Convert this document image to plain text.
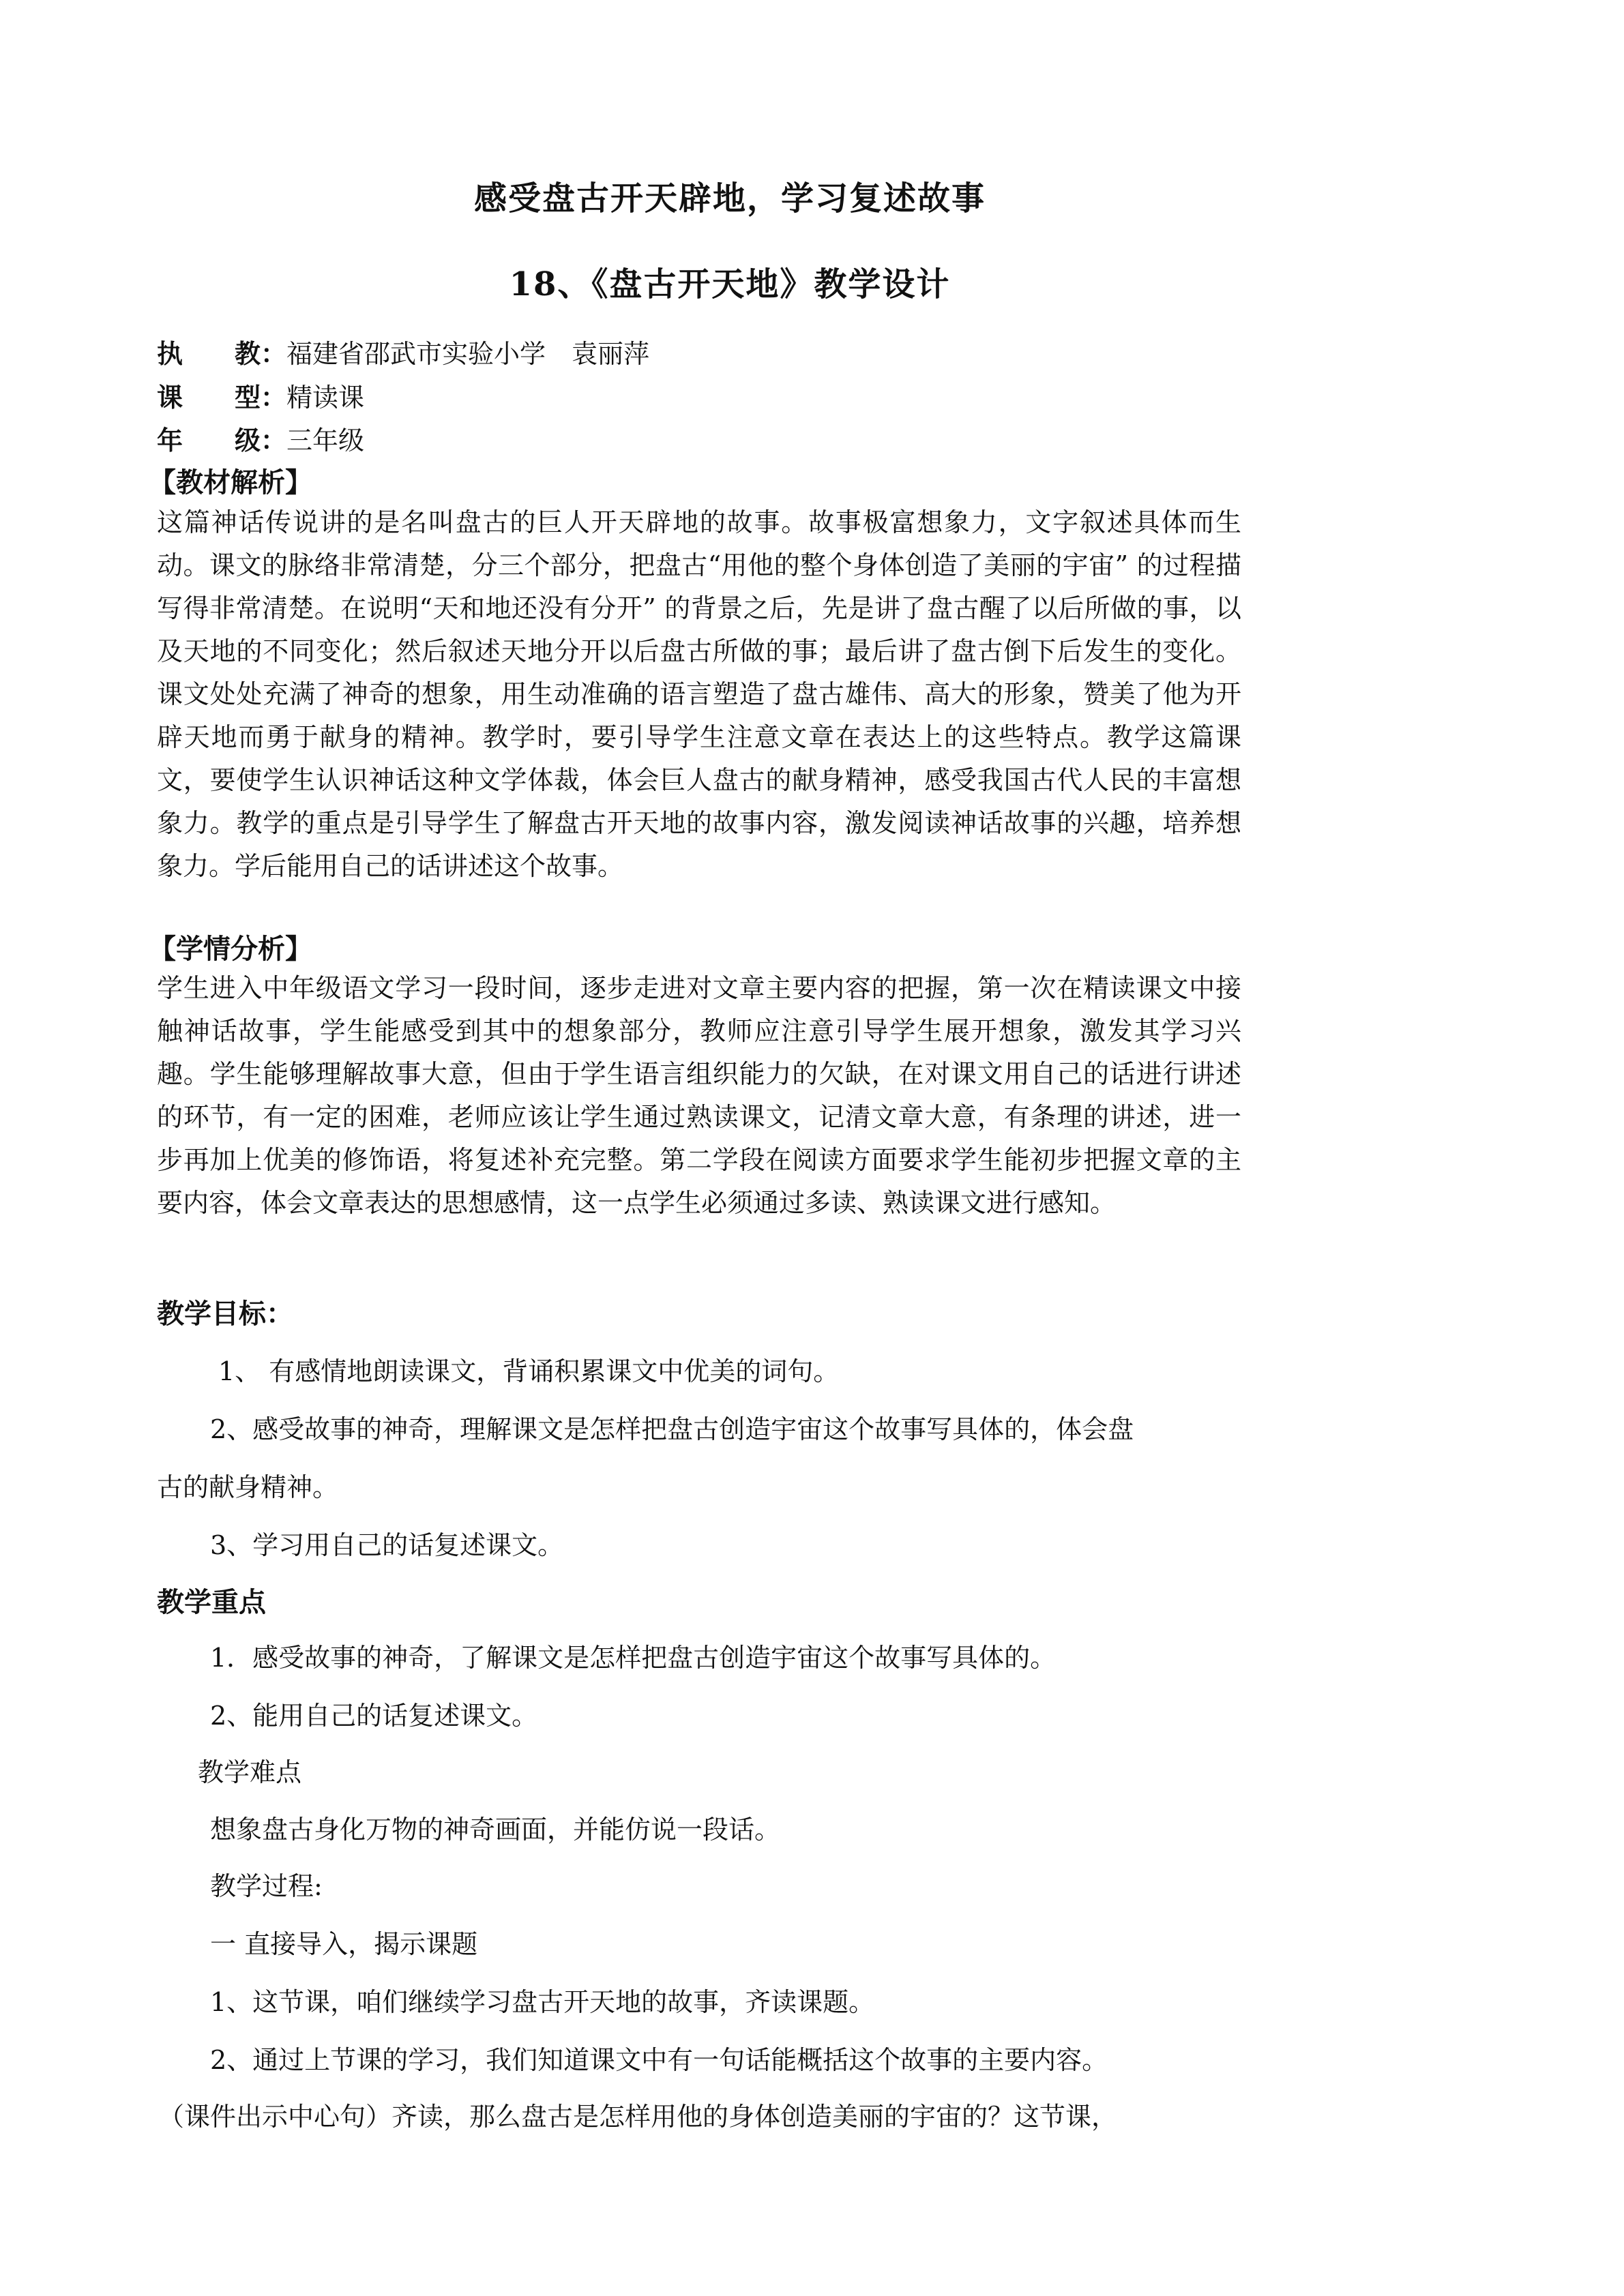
感受盘古开天辟地，学习复述故事
18、《盘古开天地》教学设计
执　　教：福建省邵武市实验小学　袁丽萍
课　　型：精读课
年　　级：三年级
【教材解析】

这篇神话传说讲的是名叫盘古的巨人开天辟地的故事。故事极富想象力，文字叙述具体而生动。课文的脉络非常清楚，分三个部分，把盘古“用他的整个身体创造了美丽的宇宙” 的过程描写得非常清楚。在说明“天和地还没有分开” 的背景之后，先是讲了盘古醒了以后所做的事，以及天地的不同变化；然后叙述天地分开以后盘古所做的事；最后讲了盘古倒下后发生的变化。课文处处充满了神奇的想象，用生动准确的语言塑造了盘古雄伟、高大的形象，赞美了他为开辟天地而勇于献身的精神。教学时，要引导学生注意文章在表达上的这些特点。教学这篇课文，要使学生认识神话这种文学体裁，体会巨人盘古的献身精神，感受我国古代人民的丰富想象力。教学的重点是引导学生了解盘古开天地的故事内容，激发阅读神话故事的兴趣，培养想象力。学后能用自己的话讲述这个故事。

【学情分析】

学生进入中年级语文学习一段时间，逐步走进对文章主要内容的把握，第一次在精读课文中接触神话故事，学生能感受到其中的想象部分，教师应注意引导学生展开想象，激发其学习兴趣。学生能够理解故事大意，但由于学生语言组织能力的欠缺，在对课文用自己的话进行讲述的环节，有一定的困难，老师应该让学生通过熟读课文，记清文章大意，有条理的讲述，进一步再加上优美的修饰语，将复述补充完整。第二学段在阅读方面要求学生能初步把握文章的主要内容，体会文章表达的思想感情，这一点学生必须通过多读、熟读课文进行感知。

教学目标：
1、 有感情地朗读课文，背诵积累课文中优美的词句。
2、感受故事的神奇，理解课文是怎样把盘古创造宇宙这个故事写具体的，体会盘
古的献身精神。
3、学习用自己的话复述课文。
教学重点
1．感受故事的神奇，了解课文是怎样把盘古创造宇宙这个故事写具体的。
2、能用自己的话复述课文。
教学难点
想象盘古身化万物的神奇画面，并能仿说一段话。
教学过程:
一 直接导入，揭示课题
1、这节课，咱们继续学习盘古开天地的故事，齐读课题。
2、通过上节课的学习，我们知道课文中有一句话能概括这个故事的主要内容。
（课件出示中心句）齐读，那么盘古是怎样用他的身体创造美丽的宇宙的？这节课，
